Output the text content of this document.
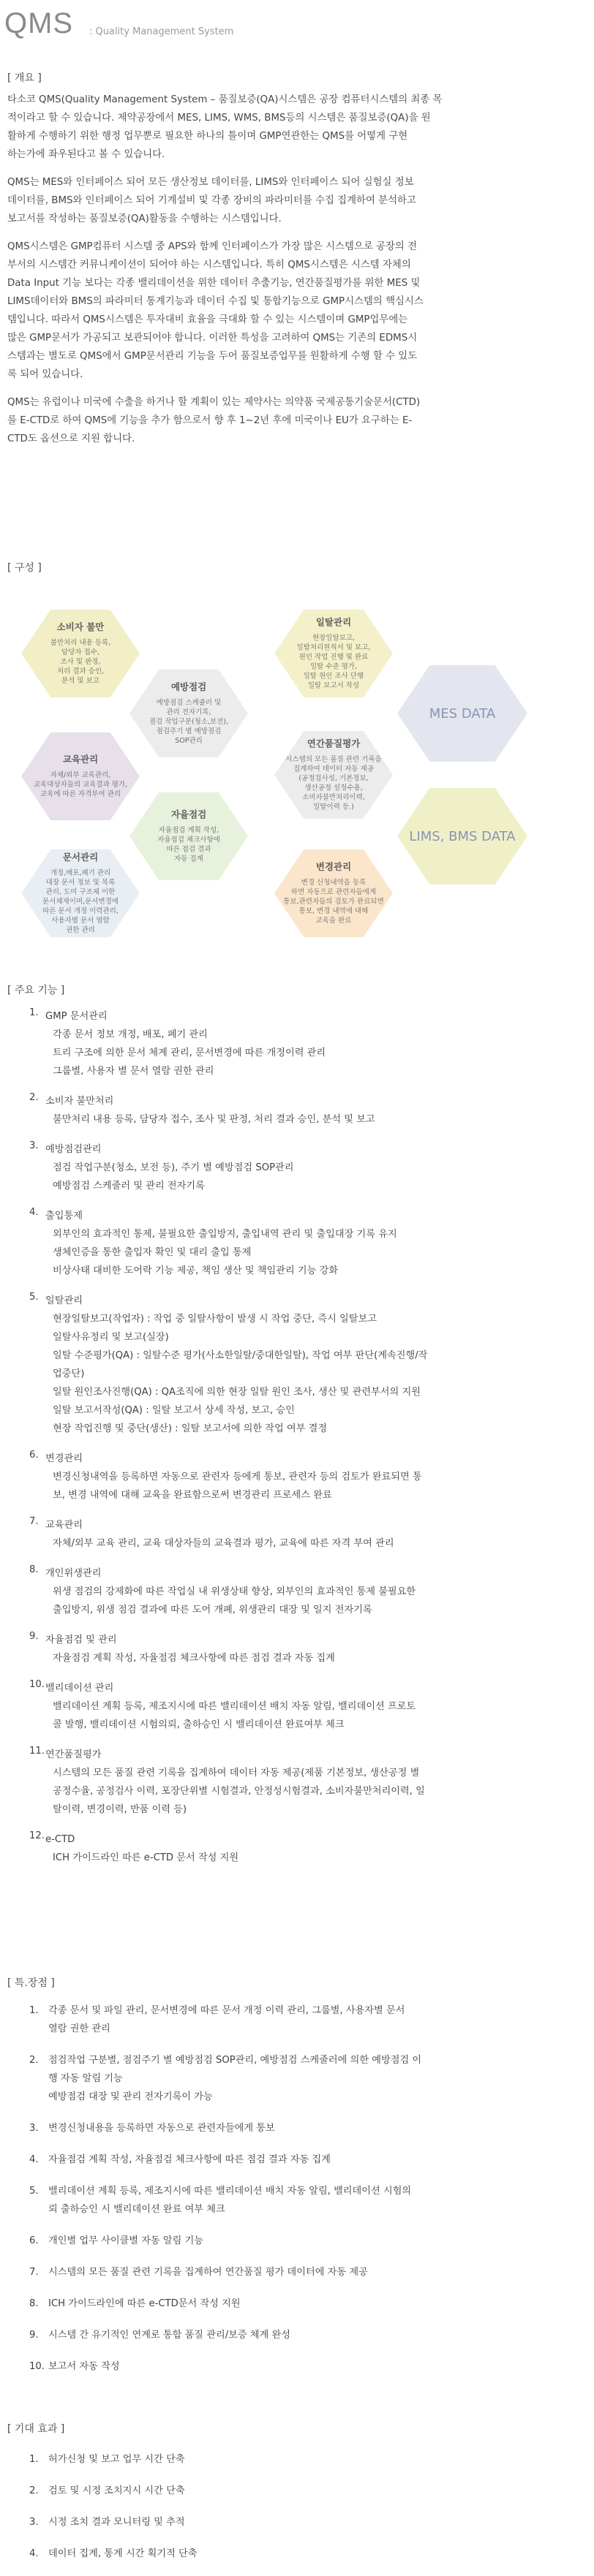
QMS : Quality Management System
[ 개요 ]
타소코 QMS(Quality Management System – 품질보증(QA)시스템은 공장 컴퓨터시스템의 최종 목
적이라고 할 수 있습니다. 제약공장에서 MES, LIMS, WMS, BMS등의 시스템은 품질보증(QA)을 원
활하게 수행하기 위한 행정 업무뿐로 필요한 하나의 틀이며 GMP연관한는 QMS를 어떻게 구현
하는가에 좌우된다고 볼 수 있습니다.
QMS는 MES와 인터페이스 되어 모든 생산정보 데이터를, LIMS와 인터페이스 되어 실험실 정보
데이터를, BMS와 인터페이스 되어 기계설비 및 각종 장비의 파라미터를 수집 집계하여 분석하고
보고서를 작성하는 품질보증(QA)활동을 수행하는 시스템입니다.
QMS시스템은 GMP컴퓨터 시스템 중 APS와 함께 인터페이스가 가장 많은 시스템으로 공장의 전
부서의 시스템간 커뮤니케이션이 되어야 하는 시스템입니다. 특히 QMS시스템은 시스템 자체의
Data Input 기능 보다는 각종 밸리데이션을 위한 데이터 추출기능, 연간품질평가를 위한 MES 및
LIMS데이터와 BMS의 파라미터 통계기능과 데이터 수집 및 통합기능으로 GMP시스템의 핵심시스
템입니다. 따라서 QMS시스템은 투자대비 효율을 극대화 할 수 있는 시스템이며 GMP업무에는
많은 GMP문서가 가공되고 보관되어야 합니다. 이러한 특성을 고려하여 QMS는 기존의 EDMS시
스템과는 별도로 QMS에서 GMP문서관리 기능을 두어 품질보증업무를 원활하게 수행 할 수 있도
록 되어 있습니다.
QMS는 유럽이나 미국에 수출을 하거나 할 계획이 있는 제약사는 의약품 국제공통기술문서(CTD)
를 E-CTD로 하여 QMS에 기능을 추가 함으로서 향 후 1~2년 후에 미국이나 EU가 요구하는 E-
CTD도 옵션으로 지원 합니다.
[ 구성 ]
소비자 불만
불만처리 내용 등록,
담당자 접수,
조사 및 판정,
처리 결과 승인,
분석 및 보고
교육관리
자체/외부 교육관리,
교육대상자들의 교육결과 평가,
교육에 따른 자격부여 관리
문서관리
개정,배포,폐기 관리
대장 문서 정보 및 목록
관리, 도미 구조체 이한
문서체제이며,문서변경에
따른 문서 개정 이력관리,
사용자별 문서 열람
권한 관리
예방점검
예방점검 스케쥴러 및
관리 전자기록,
점검 작업구분(청소,보전),
점검주기 별 예방점검
SOP관리
자율점검
자율점검 계획 작성,
자율점검 체크사항에
따른 점검 결과
자동 집계
일탈관리
현장일탈보고,
일탈처리원칙서 및 보고,
원인 작업 진행 및 완료
일탈 수준 평가,
일탈 원인 조사 단행
일탈 보고서 작성
연간품질평가
시스템의 모든 품질 관련 기록을
집계하여 데이터 자동 제공
(공정검사성, 기본정보,
생산공정 설정수용,
소비자불만처리이력,
일탈이력 등.)
변경관리
변경 신청내역을 등록
하면 자동으로 관련자들에게
통보,관련자들의 검토가 완료되면
통보, 변경 내역에 대해
교육을 완료
MES DATA
LIMS, BMS DATA
[ 주요 기능 ]
1. GMP 문서관리
각종 문서 정보 개정, 배포, 폐기 관리
트리 구조에 의한 문서 체계 관리, 문서변경에 따른 개정이력 관리
그룹별, 사용자 별 문서 열람 권한 관리
2. 소비자 불만처리
불만처리 내용 등록, 담당자 접수, 조사 및 판정, 처리 결과 승인, 분석 및 보고
3. 예방점검관리
점검 작업구분(청소, 보전 등), 주기 별 예방점검 SOP관리
예방점검 스케줄러 및 관리 전자기록
4. 출입통제
외부인의 효과적인 통제, 불필요한 출입방지, 출입내역 관리 및 출입대장 기록 유지
생체인증을 통한 출입자 확인 및 대리 출입 통제
비상사태 대비한 도어락 기능 제공, 책임 생산 및 책임관리 기능 강화
5. 일탈관리
현장일탈보고(작업자) : 작업 중 일탈사항이 발생 시 작업 중단, 즉시 일탈보고
일탈사유정리 및 보고(실장)
일탈 수준평가(QA) : 일탈수준 평가(사소한일탈/중대한일탈), 작업 여부 판단(계속진행/작
업중단)
일탈 원인조사진행(QA) : QA조직에 의한 현장 일탈 원인 조사, 생산 및 관련부서의 지원
일탈 보고서작성(QA) : 일탈 보고서 상세 작성, 보고, 승인
현장 작업진행 및 중단(생산) : 일탈 보고서에 의한 작업 여부 결정
6. 변경관리
변경신청내역을 등록하면 자동으로 관련자 등에게 통보, 관련자 등의 검토가 완료되면 통
보, 변경 내역에 대해 교육을 완료함으로써 변경관리 프로세스 완료
7. 교육관리
자체/외부 교육 관리, 교육 대상자들의 교육결과 평가, 교육에 따른 자격 부여 관리
8. 개인위생관리
위생 점검의 강제화에 따른 작업실 내 위생상태 향상, 외부인의 효과적인 통제 불필요한
출입방지, 위생 점검 결과에 따른 도어 개폐, 위생관리 대장 및 일지 전자기록
9. 자율점검 및 관리
자율점검 계획 작성, 자율점검 체크사항에 따른 점검 결과 자동 집계
10. 밸리데이션 관리
밸리데이션 계획 등록, 제조지시에 따른 밸리데이션 배치 자동 알림, 밸리데이션 프로토
콜 발행, 밸리데이션 시험의뢰, 출하승인 시 밸리데이션 완료여부 체크
11. 연간품질평가
시스템의 모든 품질 관련 기록을 집계하여 데이터 자동 제공(제품 기본정보, 생산공정 별
공정수율, 공정검사 이력, 포장단위별 시험결과, 안정성시험결과, 소비자불만처리이력, 일
탈이력, 변경이력, 반품 이력 등)
12. e-CTD
ICH 가이드라인 따른 e-CTD 문서 작성 지원
[ 특.장점 ]
1. 각종 문서 및 파일 관리, 문서변경에 따른 문서 개정 이력 관리, 그룹별, 사용자별 문서
열람 권한 관리
2. 점검작업 구분별, 점검주기 별 예방점검 SOP관리, 예방점검 스케줄러에 의한 예방점검 이
행 자동 알림 기능
예방점검 대장 및 관리 전자기록이 가능
3. 변경신청내용을 등록하면 자동으로 관련자들에게 통보
4. 자율점검 계획 작성, 자율점검 체크사항에 따른 점검 결과 자동 집계
5. 밸리데이션 계획 등록, 제조지시에 따른 밸리데이션 배치 자동 알림, 밸리데이션 시험의
뢰 출하승인 시 밸리데이션 완료 여부 체크
6. 개인별 업무 사이클별 자동 알림 기능
7. 시스템의 모든 품질 관련 기록을 집계하여 연간품질 평가 데이터에 자동 제공
8. ICH 가이드라인에 따른 e-CTD문서 작성 지원
9. 시스템 간 유기적인 연계로 통합 품질 관리/보증 체계 완성
10. 보고서 자동 작성
[ 기대 효과 ]
1. 허가신청 및 보고 업무 시간 단축
2. 검토 및 시정 조치지시 시간 단축
3. 시정 조치 결과 모니터링 및 추적
4. 데이터 집계, 통계 시간 획기적 단축
